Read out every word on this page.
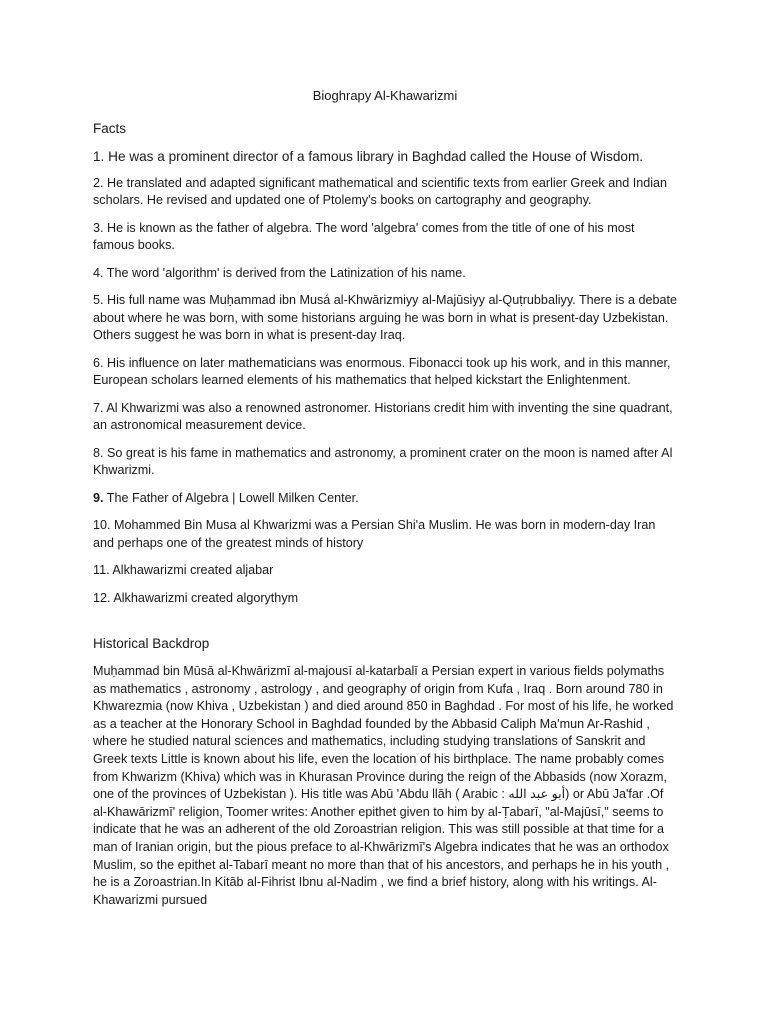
Bioghrapy Al-Khawarizmi
Facts

1. He was a prominent director of a famous library in Baghdad called the House of Wisdom.

2. He translated and adapted significant mathematical and scientific texts from earlier Greek and Indian scholars. He revised and updated one of Ptolemy's books on cartography and geography.

3. He is known as the father of algebra. The word 'algebra' comes from the title of one of his most famous books.

4. The word 'algorithm' is derived from the Latinization of his name.

5. His full name was Muḥammad ibn Musá al-Khwārizmiyy al-Majūsiyy al-Quṭrubbaliyy. There is a debate about where he was born, with some historians arguing he was born in what is present-day Uzbekistan. Others suggest he was born in what is present-day Iraq.

6. His influence on later mathematicians was enormous. Fibonacci took up his work, and in this manner, European scholars learned elements of his mathematics that helped kickstart the Enlightenment.

7. Al Khwarizmi was also a renowned astronomer. Historians credit him with inventing the sine quadrant, an astronomical measurement device.

8. So great is his fame in mathematics and astronomy, a prominent crater on the moon is named after Al Khwarizmi.

9. The Father of Algebra | Lowell Milken Center.

10. Mohammed Bin Musa al Khwarizmi was a Persian Shi'a Muslim. He was born in modern-day Iran and perhaps one of the greatest minds of history

11. Alkhawarizmi created aljabar

12. Alkhawarizmi created algorythym

Historical Backdrop

Muḥammad bin Mūsā al-Khwārizmī al-majousī al-katarbalī a Persian expert in various fields polymaths as mathematics , astronomy , astrology , and geography of origin from Kufa , Iraq . Born around 780 in Khwarezmia (now Khiva , Uzbekistan ) and died around 850 in Baghdad . For most of his life, he worked as a teacher at the Honorary School in Baghdad founded by the Abbasid Caliph Ma'mun Ar-Rashid , where he studied natural sciences and mathematics, including studying translations of Sanskrit and Greek texts Little is known about his life, even the location of his birthplace. The name probably comes from Khwarizm (Khiva) which was in Khurasan Province during the reign of the Abbasids (now Xorazm, one of the provinces of Uzbekistan ). His title was Abū 'Abdu llāh ( Arabic : أبو عبد الله) or Abū Ja'far .Of al-Khawārizmī' religion, Toomer writes: Another epithet given to him by al-Ṭabarī, "al-Majūsī," seems to indicate that he was an adherent of the old Zoroastrian religion. This was still possible at that time for a man of Iranian origin, but the pious preface to al-Khwārizmī's Algebra indicates that he was an orthodox Muslim, so the epithet al-Tabarī meant no more than that of his ancestors, and perhaps he in his youth , he is a Zoroastrian.In Kitāb al-Fihrist Ibnu al-Nadim , we find a brief history, along with his writings. Al-Khawarizmi pursued
